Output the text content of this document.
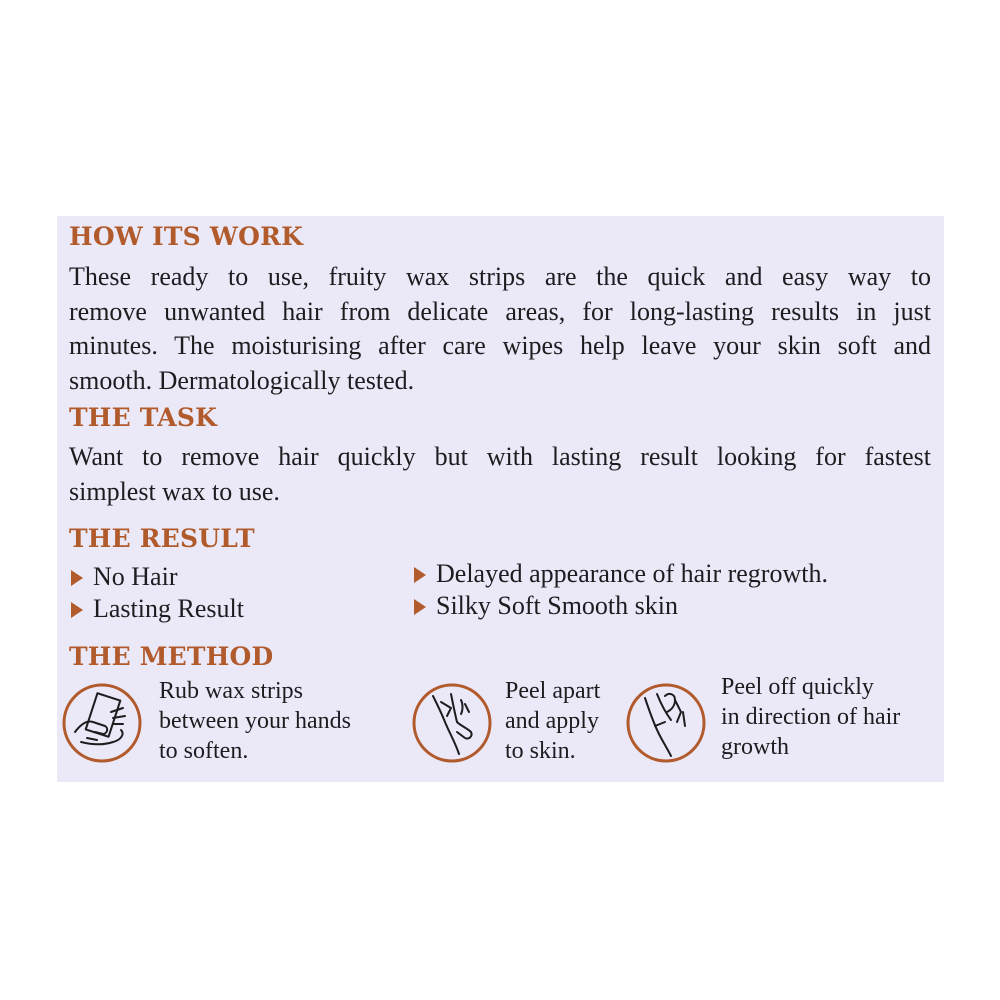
HOW ITS WORK
These ready to use, fruity wax strips are the quick and easy way to
remove unwanted hair from delicate areas, for long-lasting results in just
minutes. The moisturising after care wipes help leave your skin soft and
smooth. Dermatologically tested.
THE TASK
Want to remove hair quickly but with lasting result looking for fastest
simplest wax to use.
THE RESULT
No Hair
Lasting Result
Delayed appearance of hair regrowth.
Silky Soft Smooth skin
THE METHOD
Rub wax strips
between your hands
to soften.
Peel apart
and apply
to skin.
Peel off quickly
in direction of hair
growth
